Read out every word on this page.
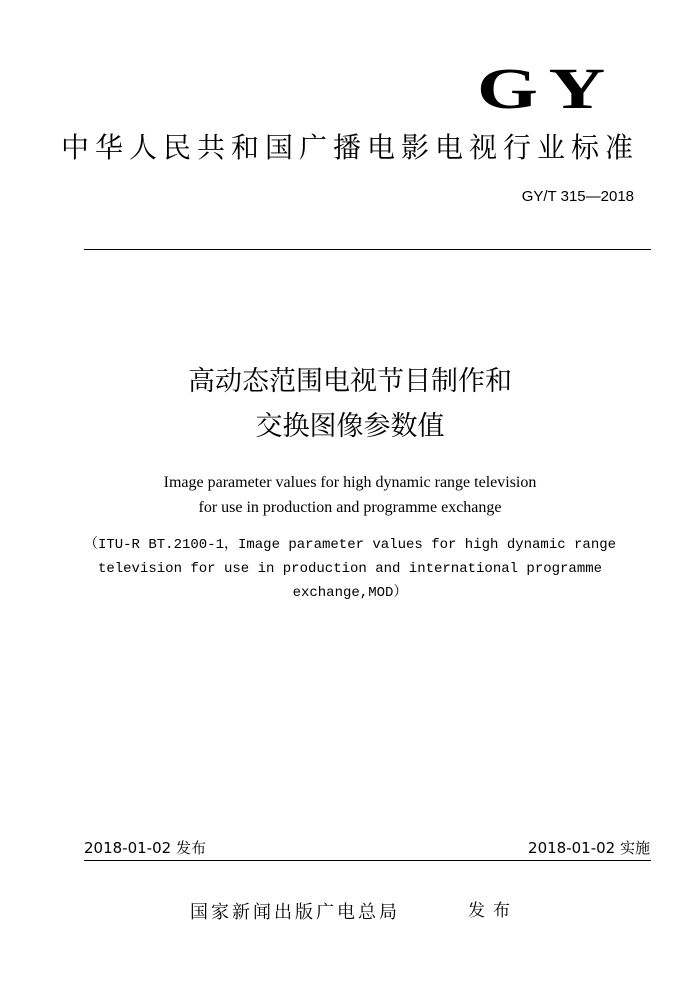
GY
中华人民共和国广播电影电视行业标准
GY/T 315—2018
高动态范围电视节目制作和
交换图像参数值
Image parameter values for high dynamic range television
for use in production and programme exchange
（ITU-R BT.2100-1，Image parameter values for high dynamic range
television for use in production and international programme
exchange,MOD）
2018-01-02 发布	2018-01-02 实施
国家新闻出版广电总局	发布
